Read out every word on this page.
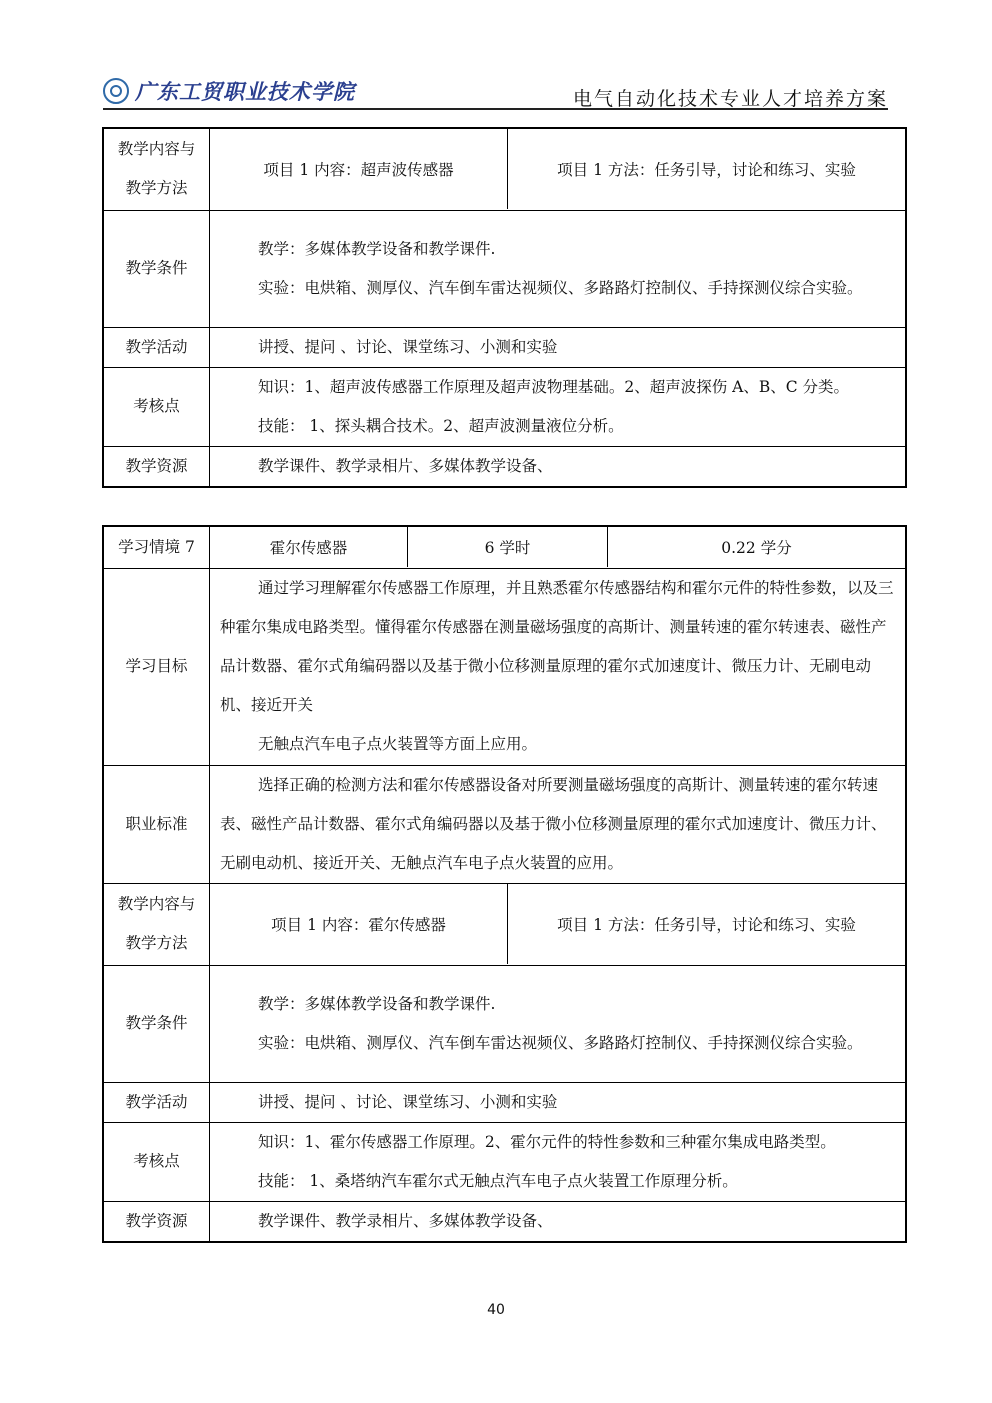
广东工贸职业技术学院	电气自动化技术专业人才培养方案
教学内容与教学方法	
项目 1 内容：超声波传感器	项目 1 方法：任务引导，讨论和练习、实验

教学条件	
教学：多媒体教学设备和教学课件.
实验：电烘箱、测厚仪、汽车倒车雷达视频仪、多路路灯控制仪、手持探测仪综合实验。

教学活动	讲授、提问 、讨论、课堂练习、小测和实验

考核点	
知识：1、超声波传感器工作原理及超声波物理基础。2、超声波探伤 A、B、C 分类。
技能： 1、探头耦合技术。2、超声波测量液位分析。

教学资源	教学课件、教学录相片、多媒体教学设备、
学习情境 7		霍尔传感器	6 学时	0.22 学分

学习目标	
通过学习理解霍尔传感器工作原理，并且熟悉霍尔传感器结构和霍尔元件的特性参数，以及三种霍尔集成电路类型。懂得霍尔传感器在测量磁场强度的高斯计、测量转速的霍尔转速表、磁性产品计数器、霍尔式角编码器以及基于微小位移测量原理的霍尔式加速度计、微压力计、无刷电动机、接近开关
无触点汽车电子点火装置等方面上应用。

职业标准	
选择正确的检测方法和霍尔传感器设备对所要测量磁场强度的高斯计、测量转速的霍尔转速表、磁性产品计数器、霍尔式角编码器以及基于微小位移测量原理的霍尔式加速度计、微压力计、无刷电动机、接近开关、无触点汽车电子点火装置的应用。

教学内容与教学方法	
项目 1 内容：霍尔传感器	项目 1 方法：任务引导，讨论和练习、实验

教学条件	
教学：多媒体教学设备和教学课件.
实验：电烘箱、测厚仪、汽车倒车雷达视频仪、多路路灯控制仪、手持探测仪综合实验。

教学活动	讲授、提问 、讨论、课堂练习、小测和实验

考核点	
知识：1、霍尔传感器工作原理。2、霍尔元件的特性参数和三种霍尔集成电路类型。
技能： 1、桑塔纳汽车霍尔式无触点汽车电子点火装置工作原理分析。

教学资源	教学课件、教学录相片、多媒体教学设备、
40
